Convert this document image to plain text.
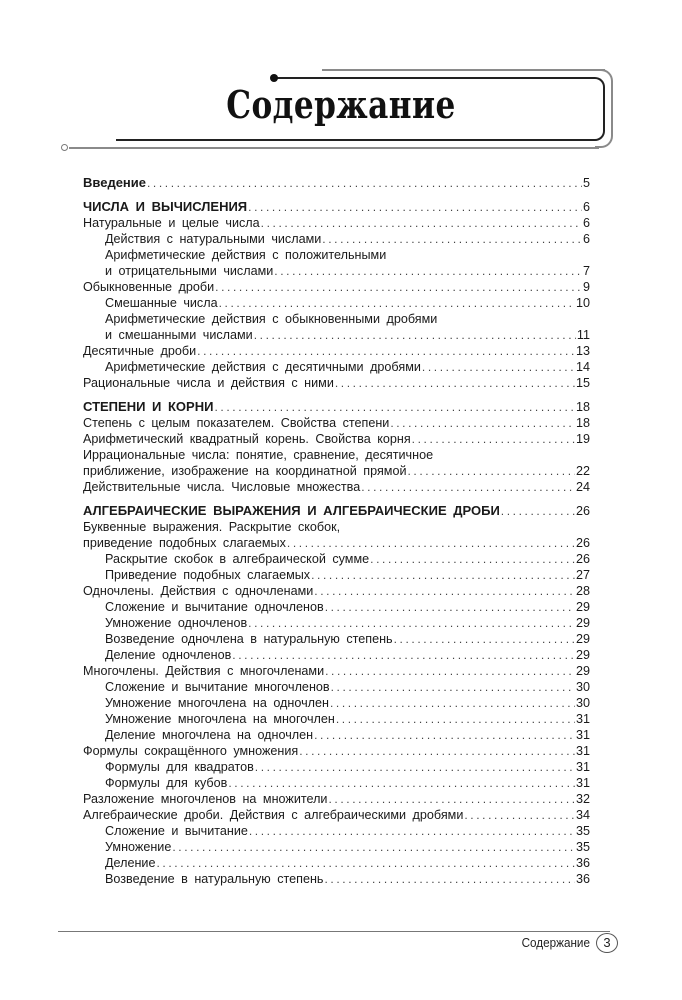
Содержание
Введение .....	5
ЧИСЛА И ВЫЧИСЛЕНИЯ .....	6
Натуральные и целые числа .....	6
Действия с натуральными числами .....	6
Арифметические действия с положительными
и отрицательными числами .....	7
Обыкновенные дроби .....	9
Смешанные числа .....	10
Арифметические действия с обыкновенными дробями
и смешанными числами .....	11
Десятичные дроби .....	13
Арифметические действия с десятичными дробями .....	14
Рациональные числа и действия с ними .....	15
СТЕПЕНИ И КОРНИ .....	18
Степень с целым показателем. Свойства степени .....	18
Арифметический квадратный корень. Свойства корня .....	19
Иррациональные числа: понятие, сравнение, десятичное
приближение, изображение на координатной прямой .....	22
Действительные числа. Числовые множества .....	24
АЛГЕБРАИЧЕСКИЕ ВЫРАЖЕНИЯ И АЛГЕБРАИЧЕСКИЕ ДРОБИ .....	26
Буквенные выражения. Раскрытие скобок,
приведение подобных слагаемых .....	26
Раскрытие скобок в алгебраической сумме .....	26
Приведение подобных слагаемых .....	27
Одночлены. Действия с одночленами .....	28
Сложение и вычитание одночленов .....	29
Умножение одночленов .....	29
Возведение одночлена в натуральную степень .....	29
Деление одночленов .....	29
Многочлены. Действия с многочленами .....	29
Сложение и вычитание многочленов .....	30
Умножение многочлена на одночлен .....	30
Умножение многочлена на многочлен .....	31
Деление многочлена на одночлен .....	31
Формулы сокращённого умножения .....	31
Формулы для квадратов .....	31
Формулы для кубов .....	31
Разложение многочленов на множители .....	32
Алгебраические дроби. Действия с алгебраическими дробями .....	34
Сложение и вычитание .....	35
Умножение .....	35
Деление .....	36
Возведение в натуральную степень .....	36
Содержание	3
